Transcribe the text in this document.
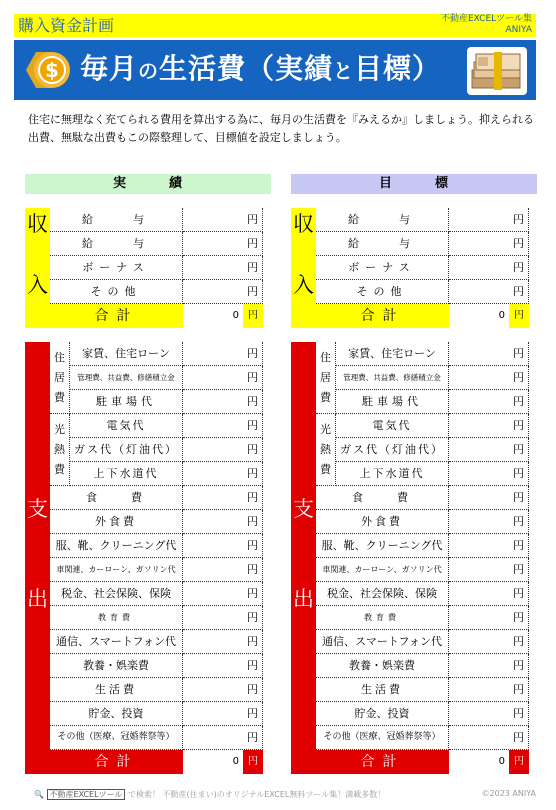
購入資金計画	不動産EXCELツール集
ANIYA
$ 毎月の生活費（実績と目標）
住宅に無理なく充てられる費用を算出する為に、毎月の生活費を『みえるか』しましょう。抑えられる
出費、無駄な出費もこの際整理して、目標値を設定しましょう。
実　　　績
収
入
給　　与	円
給　　与	円
ボーナス	円
その他	円
合計	0 円
支
出
住
居
費
家賃、住宅ローン	円
管理費、共益費、修繕積立金	円
駐車場代	円
光
熱
費
電気代	円
ガス代（灯油代）	円
上下水道代	円
食　　費	円
外食費	円
服、靴、クリーニング代	円
車関連、カーローン、ガソリン代	円
税金、社会保険、保険	円
教育費	円
通信、スマートフォン代	円
教養・娯楽費	円
生活費	円
貯金、投資	円
その他（医療、冠婚葬祭等）	円
合計	0 円
目　　　標
収
入
給　　与	円
給　　与	円
ボーナス	円
その他	円
合計	0 円
支
出
住
居
費
家賃、住宅ローン	円
管理費、共益費、修繕積立金	円
駐車場代	円
光
熱
費
電気代	円
ガス代（灯油代）	円
上下水道代	円
食　　費	円
外食費	円
服、靴、クリーニング代	円
車関連、カーローン、ガソリン代	円
税金、社会保険、保険	円
教育費	円
通信、スマートフォン代	円
教養・娯楽費	円
生活費	円
貯金、投資	円
その他（医療、冠婚葬祭等）	円
合計	0 円
🔍 不動産EXCELツール で検索！ 不動産(住まい)のオリジナルEXCEL無料ツール集！満載多数！	©2023 ANIYA
